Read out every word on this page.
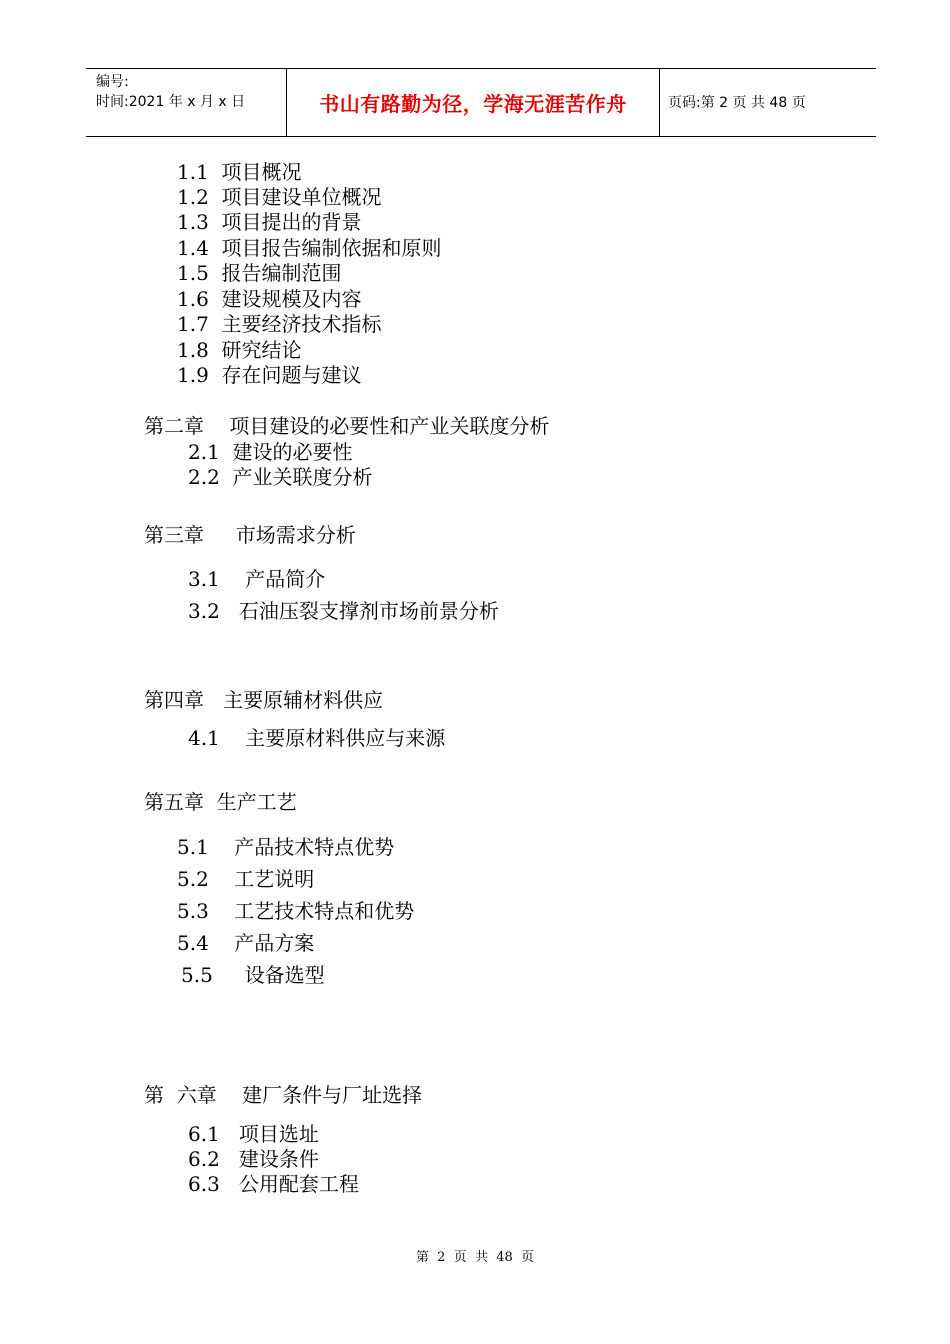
编号:
时间:2021 年 x 月 x 日	书山有路勤为径，学海无涯苦作舟	页码:第 2 页 共 48 页
1.1  项目概况
1.2  项目建设单位概况
1.3  项目提出的背景
1.4  项目报告编制依据和原则
1.5  报告编制范围
1.6  建设规模及内容
1.7  主要经济技术指标
1.8  研究结论
1.9  存在问题与建议
第二章    项目建设的必要性和产业关联度分析
2.1  建设的必要性
2.2  产业关联度分析
第三章     市场需求分析
3.1    产品简介
3.2   石油压裂支撑剂市场前景分析
第四章   主要原辅材料供应
4.1    主要原材料供应与来源
第五章  生产工艺
5.1    产品技术特点优势
5.2    工艺说明
5.3    工艺技术特点和优势
5.4    产品方案
5.5     设备选型
第  六章    建厂条件与厂址选择
6.1   项目选址
6.2   建设条件
6.3   公用配套工程
第  2  页  共  48  页
